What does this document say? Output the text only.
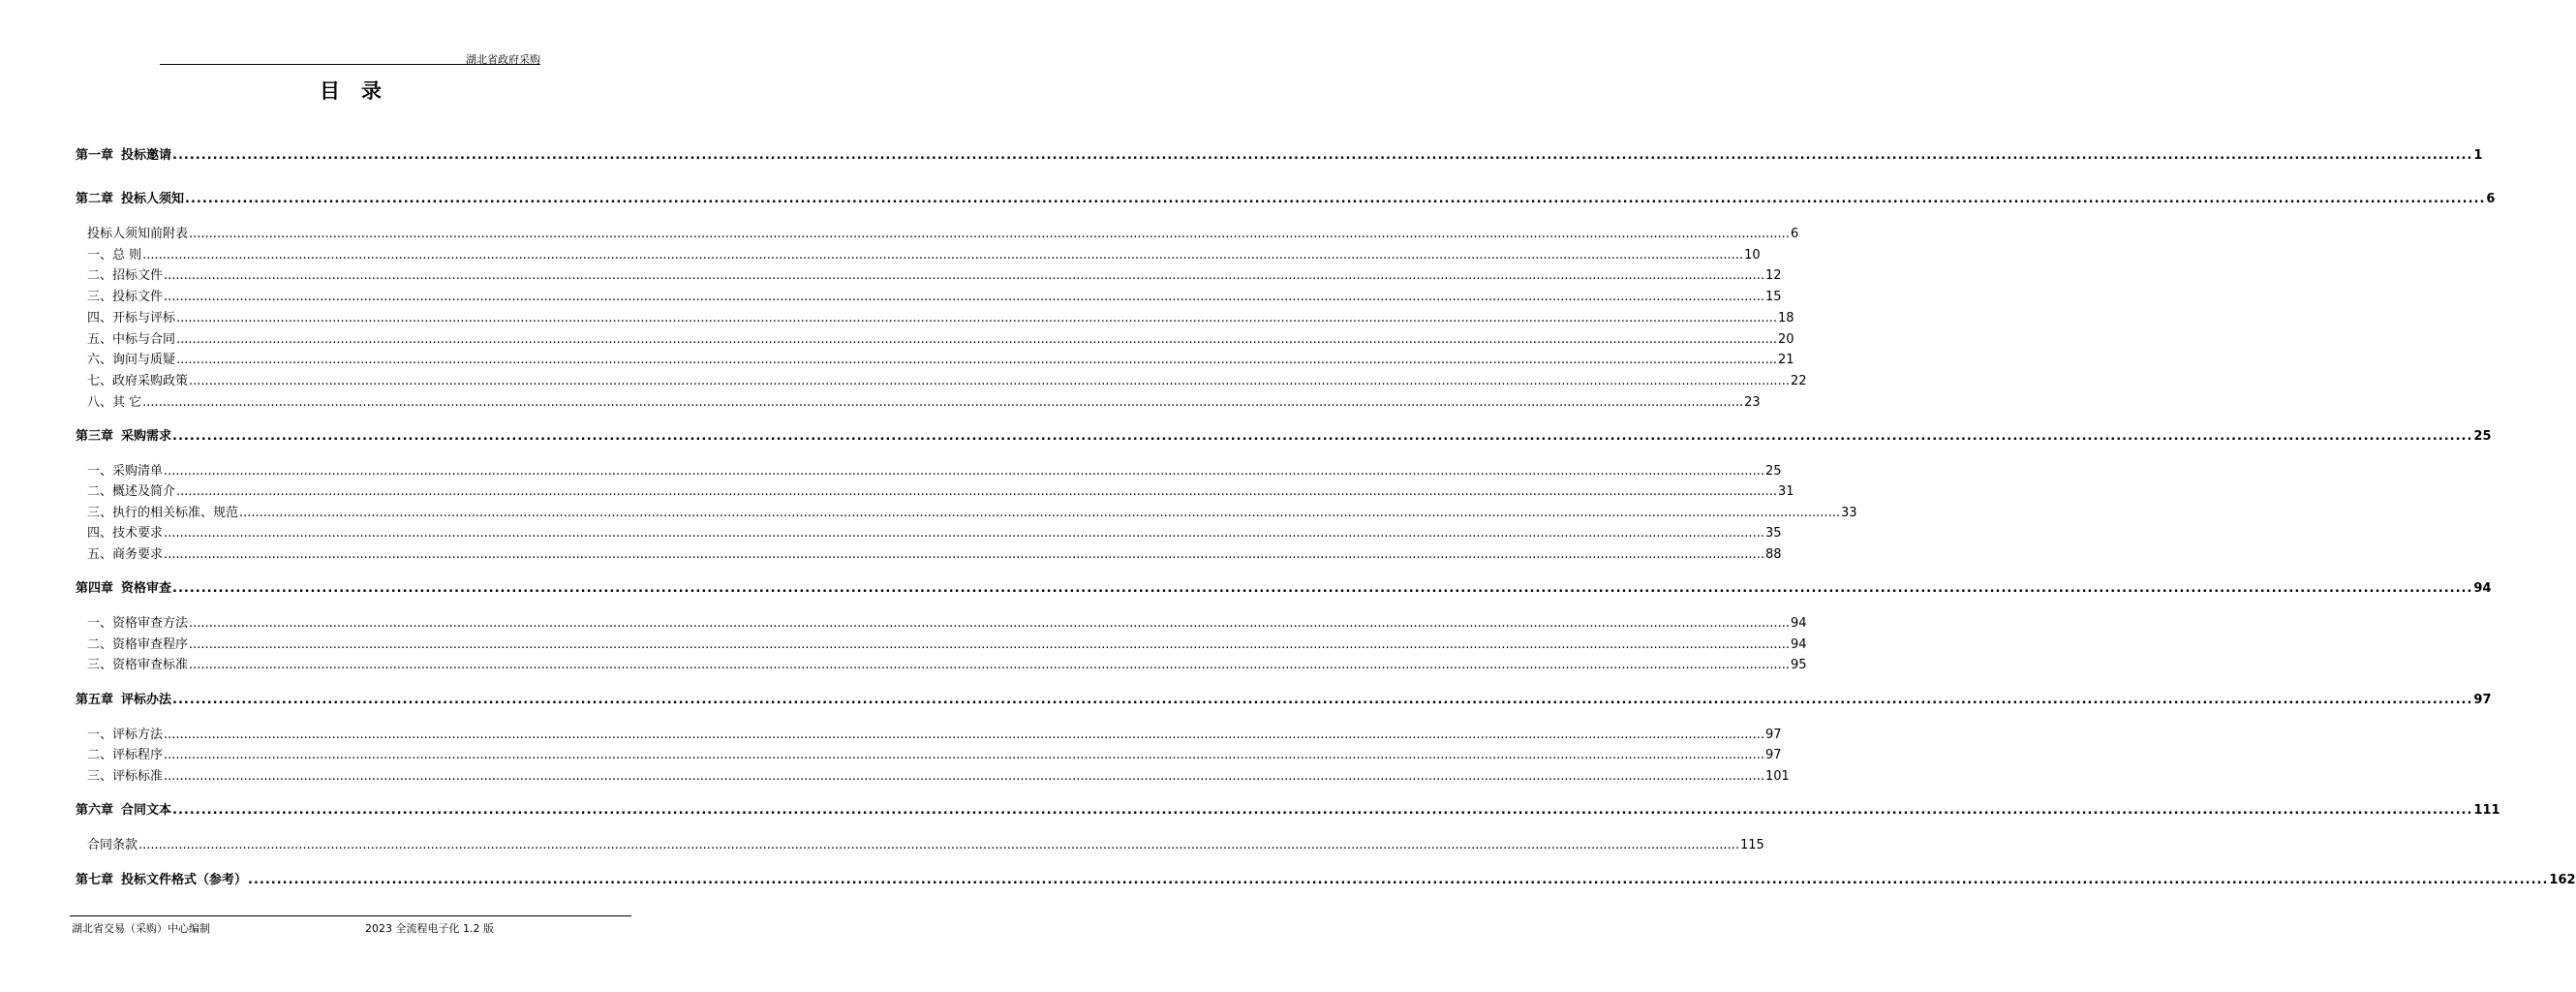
湖北省政府采购
目录
第一章 投标邀请 ................................................................................................................................................................................................................................................................................................................................................................................................................ 1
第二章 投标人须知 ................................................................................................................................................................................................................................................................................................................................................................................................................ 6
投标人须知前附表 ................................................................................................................................................................................................................................................................................................................................................................................................................ 6
一、 总 则 ................................................................................................................................................................................................................................................................................................................................................................................................................ 10
二、 招标文件 ................................................................................................................................................................................................................................................................................................................................................................................................................ 12
三、 投标文件 ................................................................................................................................................................................................................................................................................................................................................................................................................ 15
四、 开标与评标 ................................................................................................................................................................................................................................................................................................................................................................................................................ 18
五、 中标与合同 ................................................................................................................................................................................................................................................................................................................................................................................................................ 20
六、 询问与质疑 ................................................................................................................................................................................................................................................................................................................................................................................................................ 21
七、 政府采购政策 ................................................................................................................................................................................................................................................................................................................................................................................................................ 22
八、 其 它 ................................................................................................................................................................................................................................................................................................................................................................................................................ 23
第三章 采购需求 ................................................................................................................................................................................................................................................................................................................................................................................................................ 25
一、 采购清单 ................................................................................................................................................................................................................................................................................................................................................................................................................ 25
二、 概述及简介 ................................................................................................................................................................................................................................................................................................................................................................................................................ 31
三、 执行的相关标准、规范 ................................................................................................................................................................................................................................................................................................................................................................................................................ 33
四、 技术要求 ................................................................................................................................................................................................................................................................................................................................................................................................................ 35
五、 商务要求 ................................................................................................................................................................................................................................................................................................................................................................................................................ 88
第四章 资格审查 ................................................................................................................................................................................................................................................................................................................................................................................................................ 94
一、 资格审查方法 ................................................................................................................................................................................................................................................................................................................................................................................................................ 94
二、 资格审查程序 ................................................................................................................................................................................................................................................................................................................................................................................................................ 94
三、 资格审查标准 ................................................................................................................................................................................................................................................................................................................................................................................................................ 95
第五章 评标办法 ................................................................................................................................................................................................................................................................................................................................................................................................................ 97
一、 评标方法 ................................................................................................................................................................................................................................................................................................................................................................................................................ 97
二、 评标程序 ................................................................................................................................................................................................................................................................................................................................................................................................................ 97
三、 评标标准 ................................................................................................................................................................................................................................................................................................................................................................................................................ 101
第六章 合同文本 ................................................................................................................................................................................................................................................................................................................................................................................................................ 111
合同条款 ................................................................................................................................................................................................................................................................................................................................................................................................................ 115
第七章 投标文件格式（参考） ................................................................................................................................................................................................................................................................................................................................................................................................................ 162
湖北省交易（采购）中心编制	2023 全流程电子化 1.2 版
